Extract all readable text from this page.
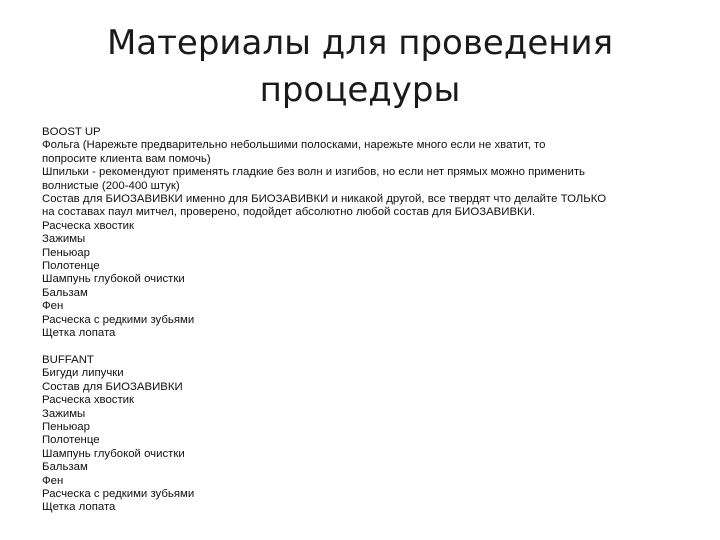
Материалы для проведения
процедуры
BOOST UP
Фольга (Нарежьте предварительно небольшими полосками, нарежьте много если не хватит, то
попросите клиента вам помочь)
Шпильки - рекомендуют применять гладкие без волн и изгибов, но если нет прямых можно применить
волнистые (200-400 штук)
Состав для БИОЗАВИВКИ именно для БИОЗАВИВКИ и никакой другой, все твердят что делайте ТОЛЬКО
на составах паул митчел, проверено, подойдет абсолютно любой состав для БИОЗАВИВКИ.
Расческа хвостик
Зажимы
Пеньюар
Полотенце
Шампунь глубокой очистки
Бальзам
Фен
Расческа с редкими зубьями
Щетка лопата
BUFFANT
Бигуди липучки
Состав для БИОЗАВИВКИ
Расческа хвостик
Зажимы
Пеньюар
Полотенце
Шампунь глубокой очистки
Бальзам
Фен
Расческа с редкими зубьями
Щетка лопата
